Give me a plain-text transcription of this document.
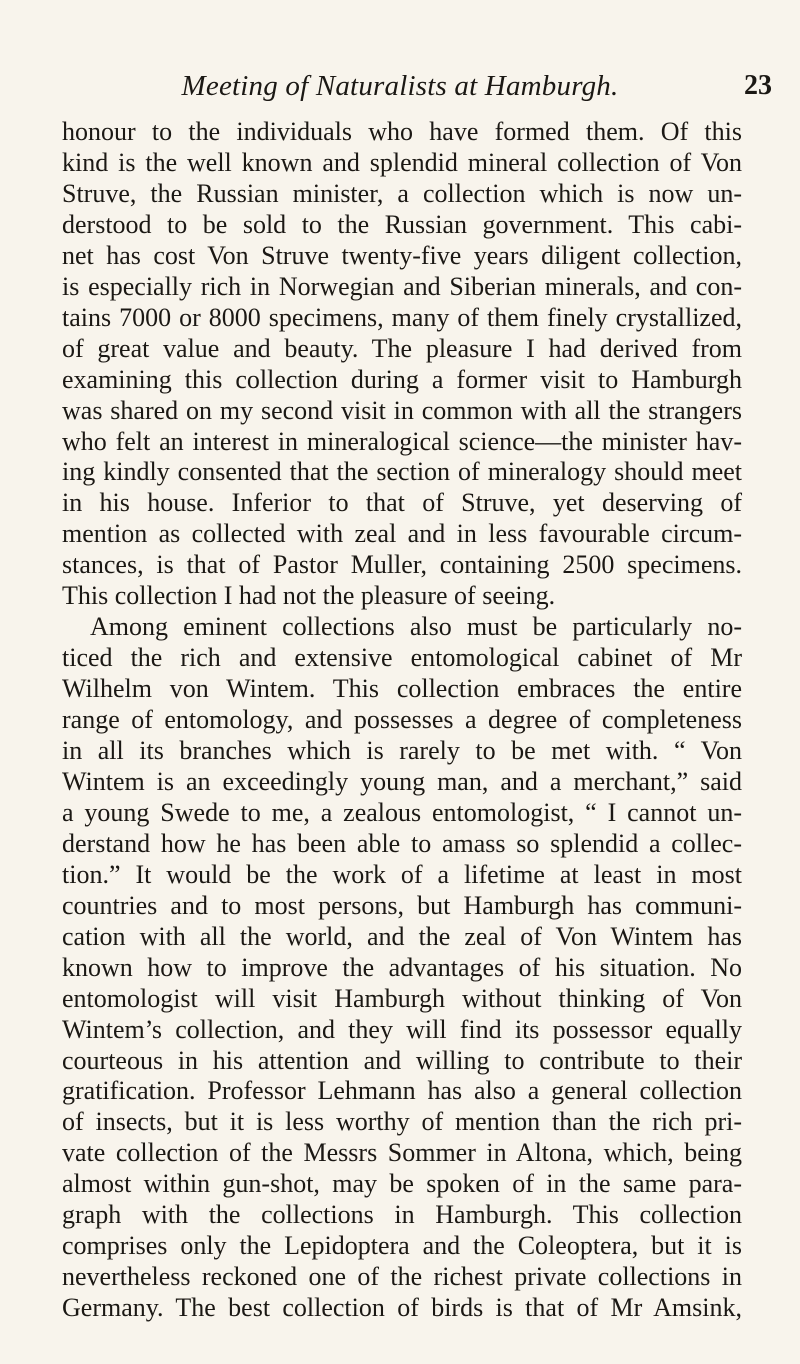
Meeting of Naturalists at Hamburgh.	23
honour to the individuals who have formed them. Of this
kind is the well known and splendid mineral collection of Von
Struve, the Russian minister, a collection which is now un-
derstood to be sold to the Russian government. This cabi-
net has cost Von Struve twenty-five years diligent collection,
is especially rich in Norwegian and Siberian minerals, and con-
tains 7000 or 8000 specimens, many of them finely crystallized,
of great value and beauty. The pleasure I had derived from
examining this collection during a former visit to Hamburgh
was shared on my second visit in common with all the strangers
who felt an interest in mineralogical science—the minister hav-
ing kindly consented that the section of mineralogy should meet
in his house. Inferior to that of Struve, yet deserving of
mention as collected with zeal and in less favourable circum-
stances, is that of Pastor Muller, containing 2500 specimens.
This collection I had not the pleasure of seeing.
Among eminent collections also must be particularly no-
ticed the rich and extensive entomological cabinet of Mr
Wilhelm von Wintem. This collection embraces the entire
range of entomology, and possesses a degree of completeness
in all its branches which is rarely to be met with. “ Von
Wintem is an exceedingly young man, and a merchant,” said
a young Swede to me, a zealous entomologist, “ I cannot un-
derstand how he has been able to amass so splendid a collec-
tion.” It would be the work of a lifetime at least in most
countries and to most persons, but Hamburgh has communi-
cation with all the world, and the zeal of Von Wintem has
known how to improve the advantages of his situation. No
entomologist will visit Hamburgh without thinking of Von
Wintem’s collection, and they will find its possessor equally
courteous in his attention and willing to contribute to their
gratification. Professor Lehmann has also a general collection
of insects, but it is less worthy of mention than the rich pri-
vate collection of the Messrs Sommer in Altona, which, being
almost within gun-shot, may be spoken of in the same para-
graph with the collections in Hamburgh. This collection
comprises only the Lepidoptera and the Coleoptera, but it is
nevertheless reckoned one of the richest private collections in
Germany. The best collection of birds is that of Mr Amsink,
